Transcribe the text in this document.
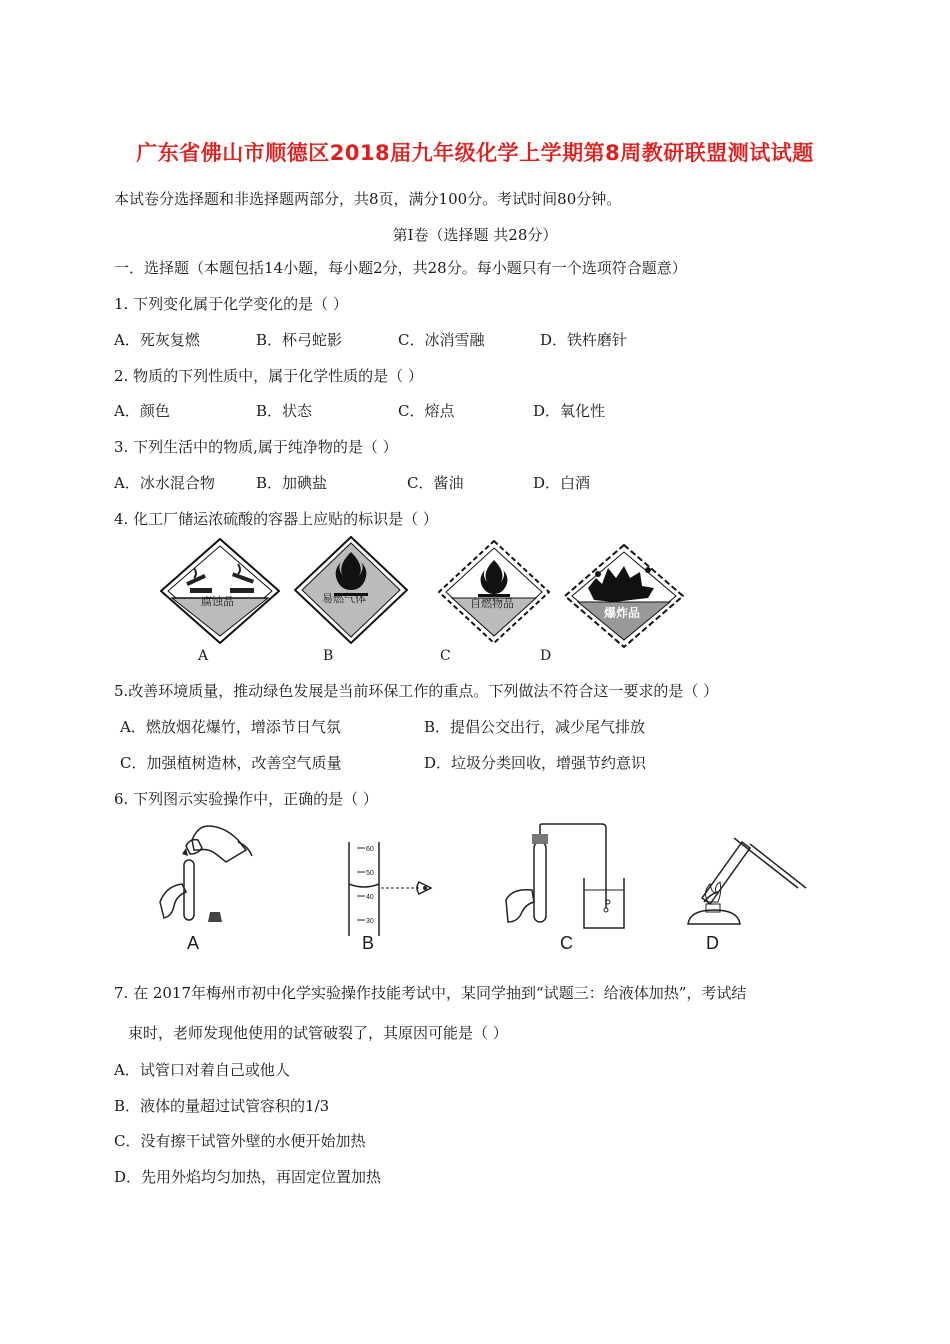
广东省佛山市顺德区2018届九年级化学上学期第8周教研联盟测试试题
本试卷分选择题和非选择题两部分，共8页，满分100分。考试时间80分钟。
第Ⅰ卷（选择题 共28分）
一．选择题（本题包括14小题，每小题2分，共28分。每小题只有一个选项符合题意）
1. 下列变化属于化学变化的是（ ）
A．死灰复燃	B．杯弓蛇影	C．冰消雪融	D．铁杵磨针
2. 物质的下列性质中，属于化学性质的是（ ）
A．颜色	B．状态	C．熔点	D．氧化性
3. 下列生活中的物质,属于纯净物的是（ ）
A．冰水混合物	B．加碘盐	C．酱油	D．白酒
4. 化工厂储运浓硫酸的容器上应贴的标识是（ ）
腐蚀品	易燃气体	自燃物品
爆炸品
A	B	C	D
5.改善环境质量，推动绿色发展是当前环保工作的重点。下列做法不符合这一要求的是（ ）
A．燃放烟花爆竹，增添节日气氛	B．提倡公交出行，减少尾气排放
C．加强植树造林，改善空气质量	D．垃圾分类回收，增强节约意识
6. 下列图示实验操作中，正确的是（ ）
A
60
50
40
30
B	C	D
7. 在 2017年梅州市初中化学实验操作技能考试中，某同学抽到“试题三：给液体加热”，考试结
束时，老师发现他使用的试管破裂了，其原因可能是（ ）
A．试管口对着自己或他人
B．液体的量超过试管容积的1/3
C．没有擦干试管外壁的水便开始加热
D．先用外焰均匀加热，再固定位置加热
